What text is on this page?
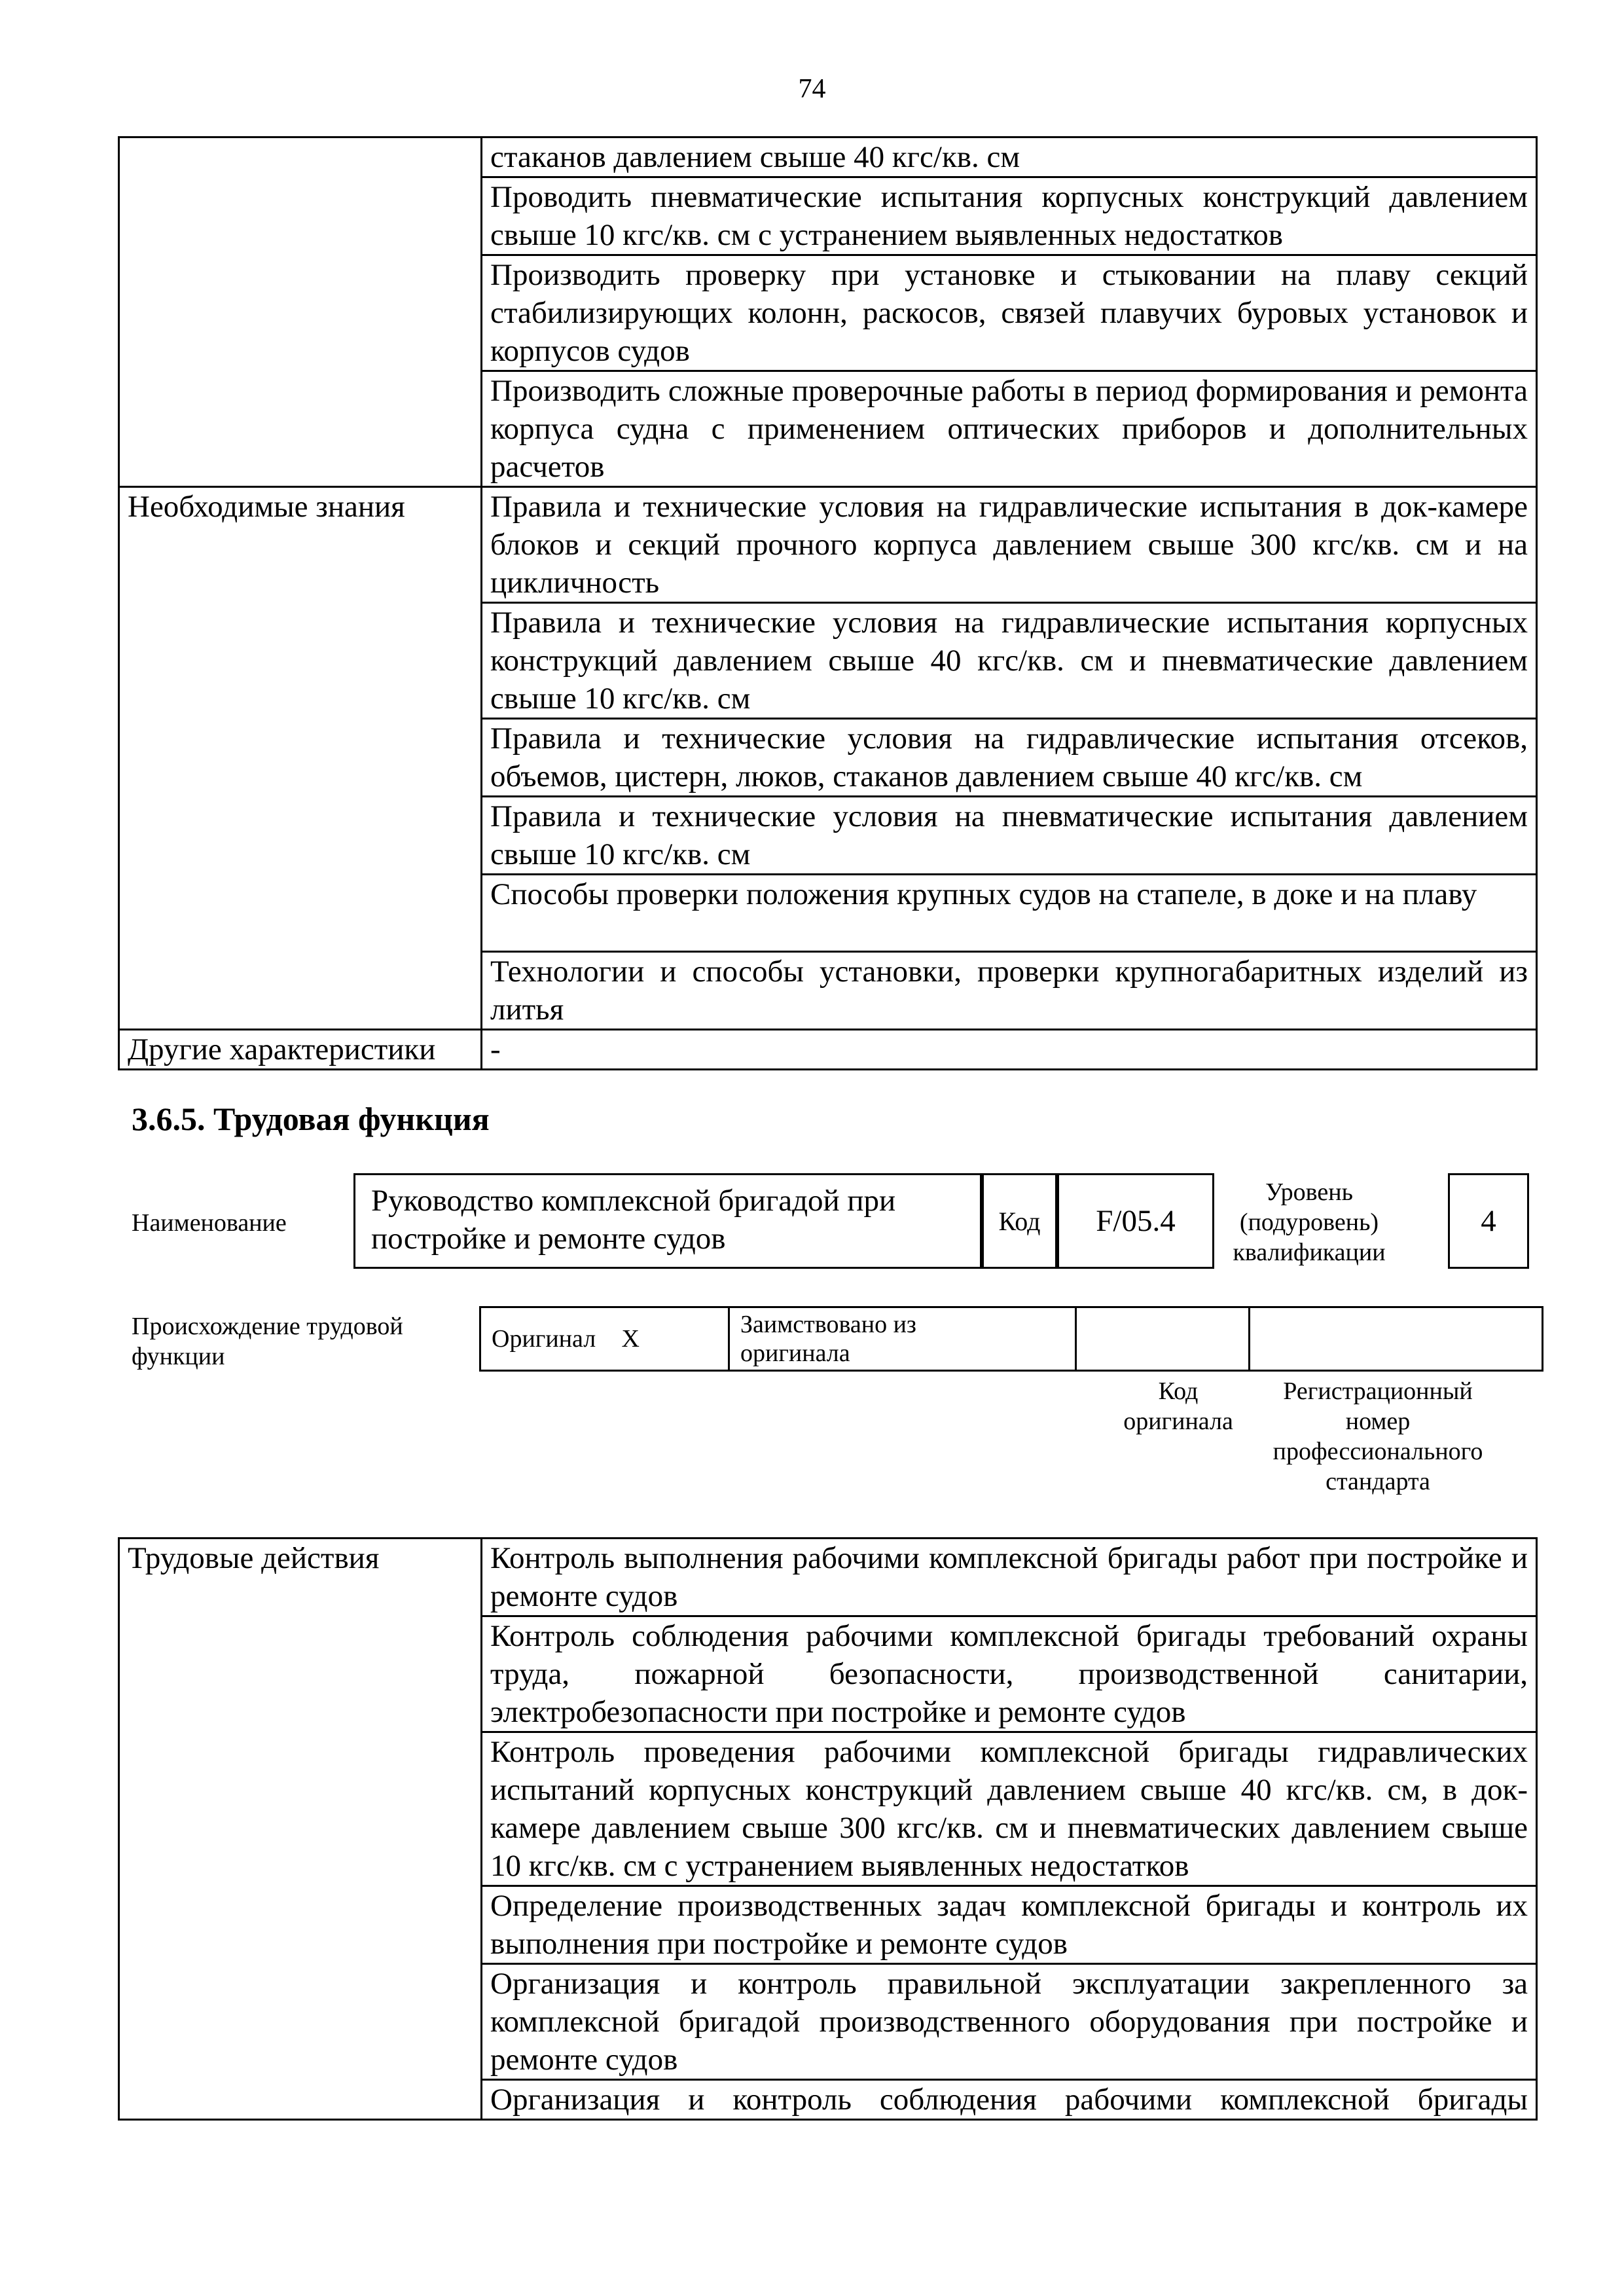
74
	стаканов давлением свыше 40 кгс/кв. см
	Проводить пневматические испытания корпусных конструкций давлением свыше 10 кгс/кв. см с устранением выявленных недостатков
	Производить проверку при установке и стыковании на плаву секций стабилизирующих колонн, раскосов, связей плавучих буровых установок и корпусов судов
	Производить сложные проверочные работы в период формирования и ремонта корпуса судна с применением оптических приборов и дополнительных расчетов
Необходимые знания	Правила и технические условия на гидравлические испытания в док-камере блоков и секций прочного корпуса давлением свыше 300 кгс/кв. см и на цикличность
	Правила и технические условия на гидравлические испытания корпусных конструкций давлением свыше 40 кгс/кв. см и пневматические давлением свыше 10 кгс/кв. см
	Правила и технические условия на гидравлические испытания отсеков, объемов, цистерн, люков, стаканов давлением свыше 40 кгс/кв. см
	Правила и технические условия на пневматические испытания давлением свыше 10 кгс/кв. см
	Способы проверки положения крупных судов на стапеле, в доке и на плаву
	Технологии и способы установки, проверки крупногабаритных изделий из литья
Другие характеристики	-
3.6.5. Трудовая функция
Наименование
Руководство комплексной бригадой при постройке и ремонте судов
Код	F/05.4
Уровень
(подуровень)
квалификации
4
Происхождение трудовой
функции
Оригинал	X	
Заимствовано из
оригинала

Код
оригинала
Регистрационный
номер
профессионального
стандарта
Трудовые действия	Контроль выполнения рабочими комплексной бригады работ при постройке и ремонте судов
Контроль соблюдения рабочими комплексной бригады требований охраны труда, пожарной безопасности, производственной санитарии, электробезопасности при постройке и ремонте судов
Контроль проведения рабочими комплексной бригады гидравлических испытаний корпусных конструкций давлением свыше 40 кгс/кв. см, в док-камере давлением свыше 300 кгс/кв. см и пневматических давлением свыше 10 кгс/кв. см с устранением выявленных недостатков
Определение производственных задач комплексной бригады и контроль их выполнения при постройке и ремонте судов
Организация и контроль правильной эксплуатации закрепленного за комплексной бригадой производственного оборудования при постройке и ремонте судов
Организация и контроль соблюдения рабочими комплексной бригады
